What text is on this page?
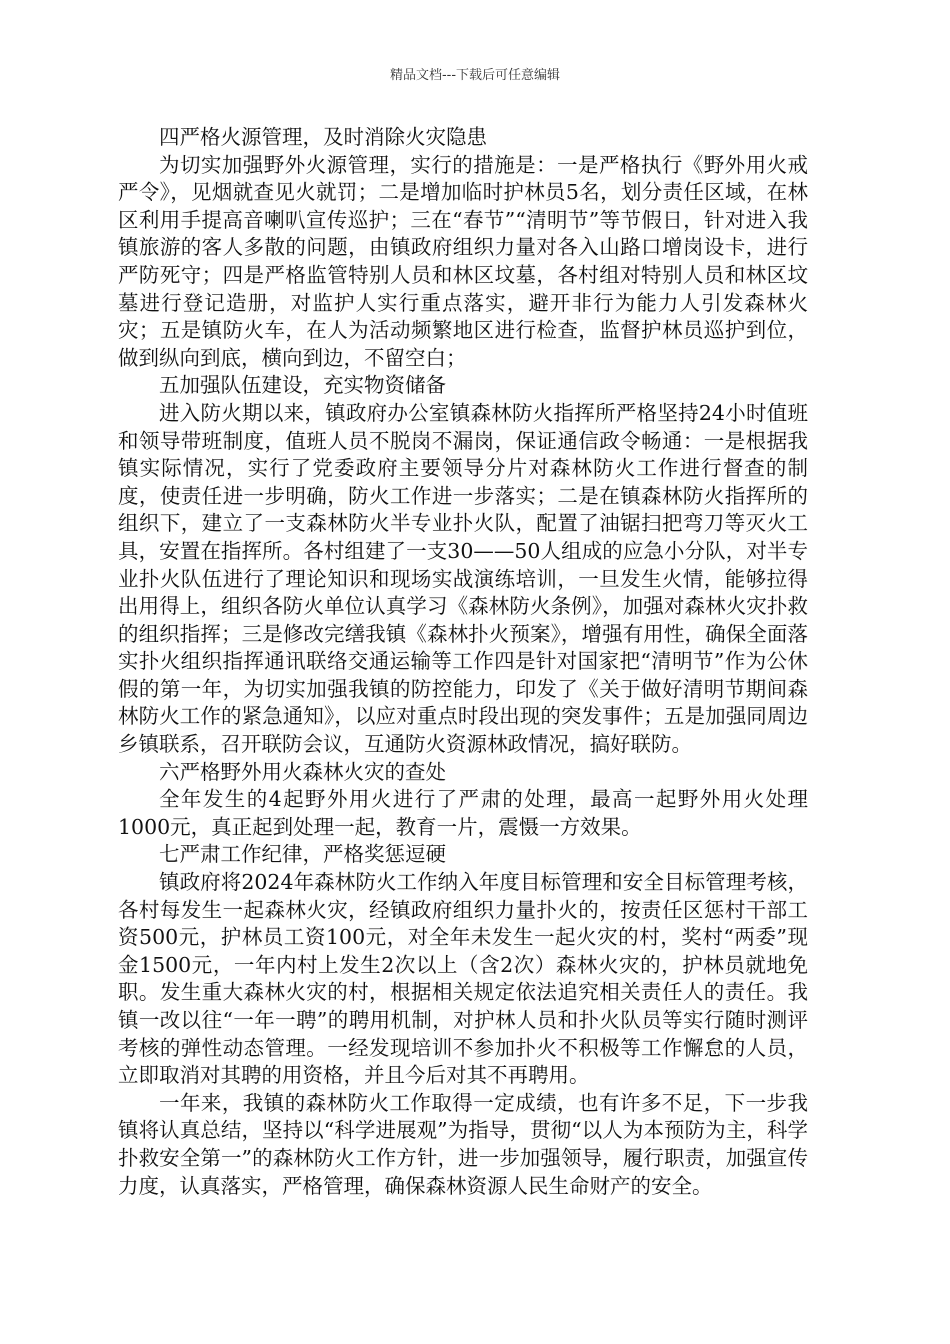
精品文档---下载后可任意编辑

四严格火源管理，及时消除火灾隐患

为切实加强野外火源管理，实行的措施是：一是严格执行《野外用火戒严令》，见烟就查见火就罚；二是增加临时护林员5名，划分责任区域，在林区利用手提高音喇叭宣传巡护；三在“春节”“清明节”等节假日，针对进入我镇旅游的客人多散的问题，由镇政府组织力量对各入山路口增岗设卡，进行严防死守；四是严格监管特别人员和林区坟墓，各村组对特别人员和林区坟墓进行登记造册，对监护人实行重点落实，避开非行为能力人引发森林火灾；五是镇防火车，在人为活动频繁地区进行检查，监督护林员巡护到位，做到纵向到底，横向到边，不留空白；

五加强队伍建设，充实物资储备

进入防火期以来，镇政府办公室镇森林防火指挥所严格坚持24小时值班和领导带班制度，值班人员不脱岗不漏岗，保证通信政令畅通：一是根据我镇实际情况，实行了党委政府主要领导分片对森林防火工作进行督查的制度，使责任进一步明确，防火工作进一步落实；二是在镇森林防火指挥所的组织下，建立了一支森林防火半专业扑火队，配置了油锯扫把弯刀等灭火工具，安置在指挥所。各村组建了一支30——50人组成的应急小分队，对半专业扑火队伍进行了理论知识和现场实战演练培训，一旦发生火情，能够拉得出用得上，组织各防火单位认真学习《森林防火条例》，加强对森林火灾扑救的组织指挥；三是修改完缮我镇《森林扑火预案》，增强有用性，确保全面落实扑火组织指挥通讯联络交通运输等工作四是针对国家把“清明节”作为公休假的第一年，为切实加强我镇的防控能力，印发了《关于做好清明节期间森林防火工作的紧急通知》，以应对重点时段出现的突发事件；五是加强同周边乡镇联系，召开联防会议，互通防火资源林政情况，搞好联防。

六严格野外用火森林火灾的查处

全年发生的4起野外用火进行了严肃的处理，最高一起野外用火处理1000元，真正起到处理一起，教育一片，震慑一方效果。

七严肃工作纪律，严格奖惩逗硬

镇政府将2024年森林防火工作纳入年度目标管理和安全目标管理考核，各村每发生一起森林火灾，经镇政府组织力量扑火的，按责任区惩村干部工资500元，护林员工资100元，对全年未发生一起火灾的村，奖村“两委”现金1500元，一年内村上发生2次以上（含2次）森林火灾的，护林员就地免职。发生重大森林火灾的村，根据相关规定依法追究相关责任人的责任。我镇一改以往“一年一聘”的聘用机制，对护林人员和扑火队员等实行随时测评考核的弹性动态管理。一经发现培训不参加扑火不积极等工作懈怠的人员，立即取消对其聘的用资格，并且今后对其不再聘用。

一年来，我镇的森林防火工作取得一定成绩，也有许多不足，下一步我镇将认真总结，坚持以“科学进展观”为指导，贯彻“以人为本预防为主，科学扑救安全第一”的森林防火工作方针，进一步加强领导，履行职责，加强宣传力度，认真落实，严格管理，确保森林资源人民生命财产的安全。
